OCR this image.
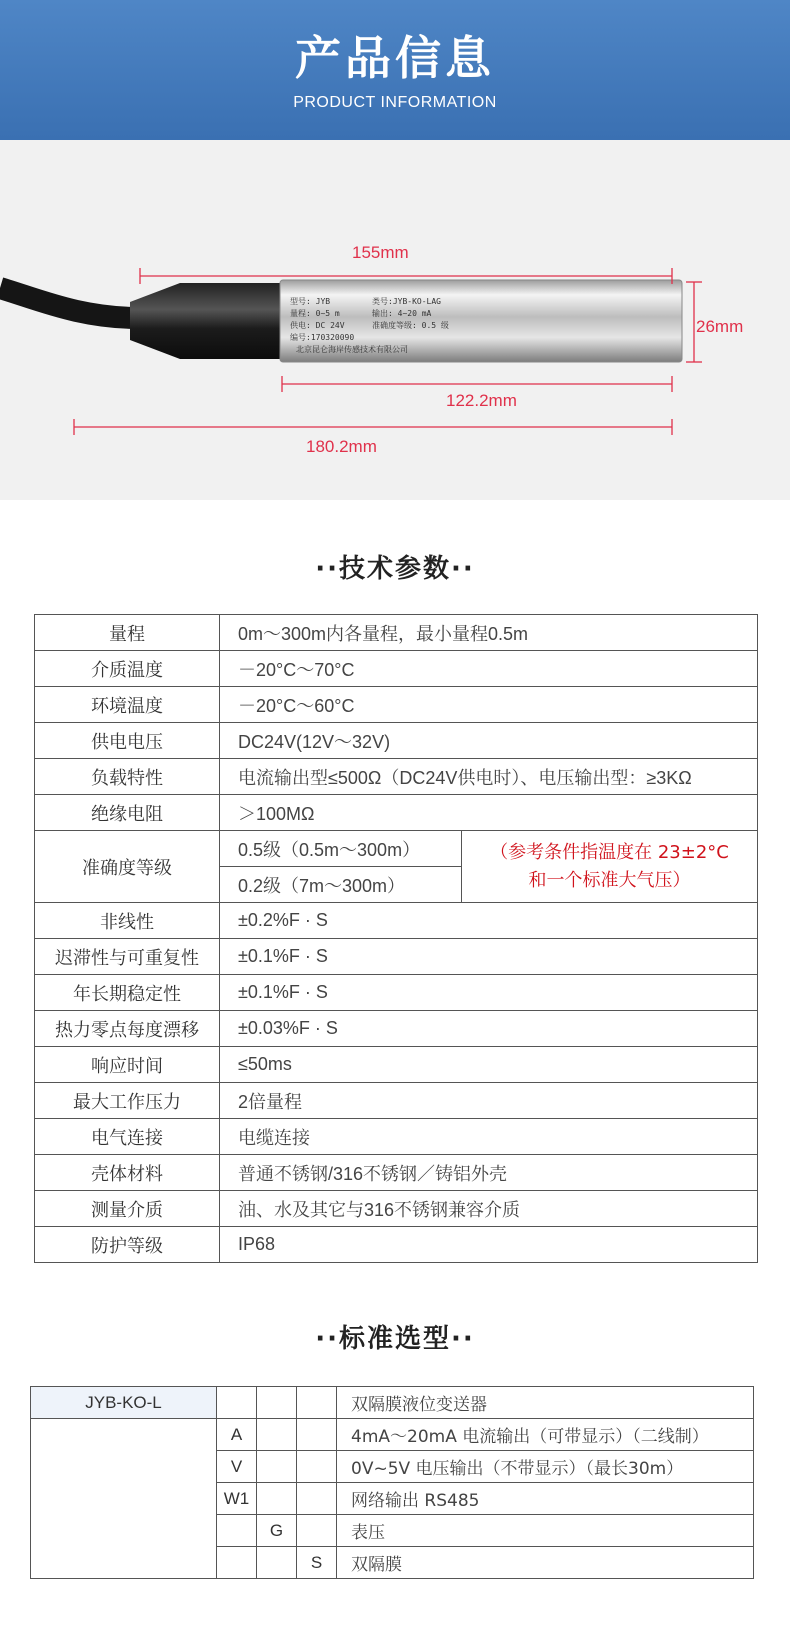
产品信息
PRODUCT INFORMATION
型号: JYB	类号:JYB-KO-LAG
量程: 0~5 m	输出: 4~20 mA
供电: DC 24V	准确度等级: 0.5 级
编号:170320090
北京昆仑海岸传感技术有限公司
155mm
26mm
122.2mm
180.2mm
··技术参数··
量程	0m～300m内各量程，最小量程0.5m	
介质温度	－20°C～70°C	
环境温度	－20°C～60°C	
供电电压	DC24V(12V～32V)	
负载特性	电流输出型≤500Ω（DC24V供电时）、电压输出型：≥3KΩ	
绝缘电阻	＞100MΩ	
准确度等级	0.5级（0.5m～300m）	（参考条件指温度在 23±2°C
和一个标准大气压）

	0.2级（7m～300m）	
非线性	±0.2%F · S	
迟滞性与可重复性	±0.1%F · S	
年长期稳定性	±0.1%F · S	
热力零点每度漂移	±0.03%F · S	
响应时间	≤50ms	
最大工作压力	2倍量程	
电气连接	电缆连接	
壳体材料	普通不锈钢/316不锈钢／铸铝外壳	
测量介质	油、水及其它与316不锈钢兼容介质	
防护等级	IP68	
··标准选型··
JYB-KO-L				双隔膜液位变送器
	A			4mA～20mA 电流输出（可带显示）（二线制）
	V			0V~5V 电压输出（不带显示）（最长30m）
	W1			网络输出 RS485
		G		表压
			S	双隔膜
